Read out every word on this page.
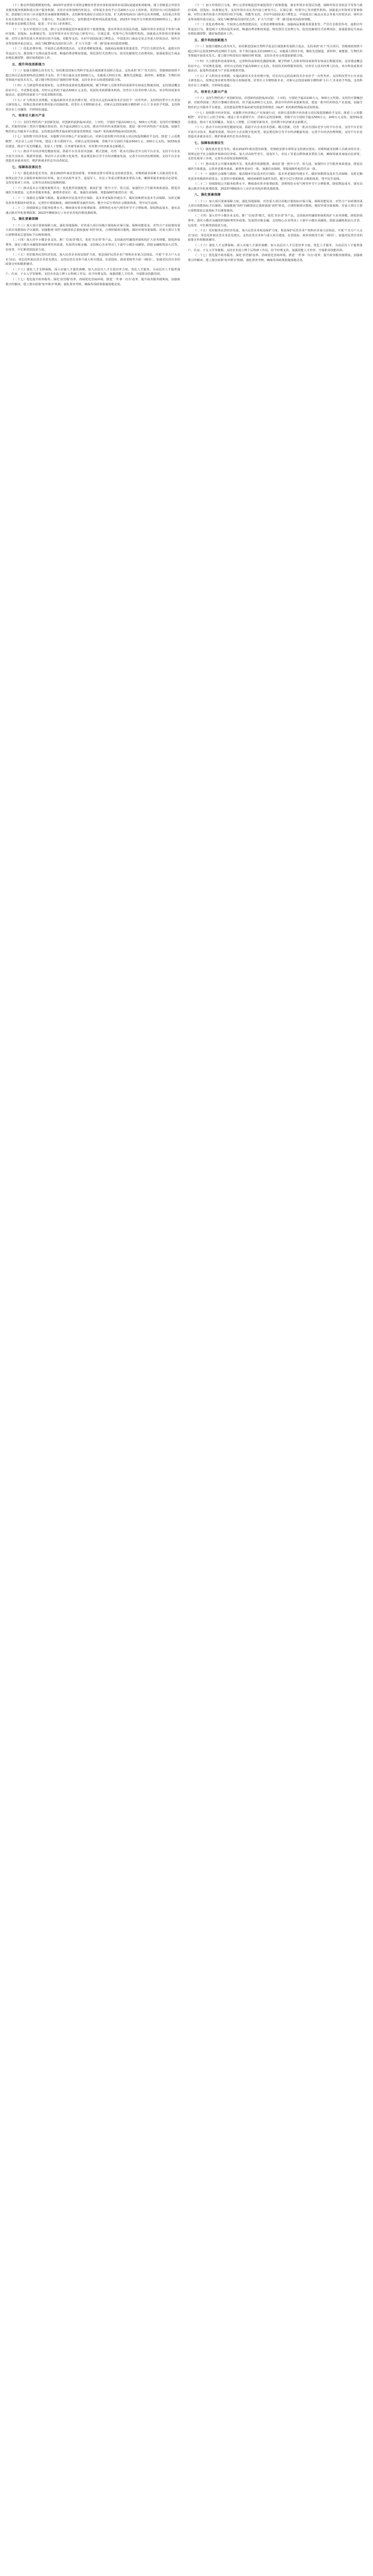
（十）推动外贸稳规模优结构。2023年安排省专项资金聚焦外贸省内各机场加快布局国际通道或机场航线。建立省级重点外贸企业服务服务机制和重点客户服务机制。支持企业参加境内外展会，对参展企业给予公司200万元以上的补助。发挥好出口信用保险作用，鼓励银行对出口企业提供更多融资便利服务。支持跨境电商综合试验区发展，扩大跨境电商出口海外仓业务规模。支持重点外贸企业在海外设立展示中心、分拨中心、售后服务中心。加快推进中欧班列高质量发展，2023年争取开行中欧班列1000列以上。推动外贸新业态新模式发展，促进二手车出口业务增长。

（十一）加大外资招引力度。修订完善省级促进外商投资若干政策措施，落实外资企业国民待遇，保障外资企业依法平等参与政府采购、招投标、标准制定等。支持外资企业在省内设立研发中心、区域总部、结算中心等功能性机构。加强重点外资项目要素保障，对符合条件的重大外资项目给予用地、用能等支持。办好中国国际进口博览会、中国进出口商品交易会等重大经贸活动，组织企业参加境外重点展会。深化与RCEP成员国经贸合作，扩大与共建'一带一路'国家双向投资规模。

（十二）优化消费环境。开展放心消费创建活动，完善消费维权体系。加强商品和服务质量监管，严厉打击假冒伪劣、虚假宣传等违法行为。推进线下无理由退货承诺，畅通消费者维权渠道。规范预付式消费行为，防范化解预付式消费风险。加强重要民生商品价格监测预警，做好保供稳价工作。

五、提升科技创新能力

（十三）加强关键核心技术攻关。协同推进国家自然科学基金区域创新发展联合基金，支持承担'双十'攻关项目，省级财政按照不超过项目总投资30%的比例给予支持，单个项目最高支持1000万元。实施重大科技专项，聚焦先进制造、新材料、新能源、生物医药等领域开展技术攻关。建立健全科技项目'揭榜挂帅'机制，支持企业牵头组建创新联合体。

（十四）大力推进科技成果转化。完善科技成果转化激励机制，赋予科研人员职务科技成果所有权或长期使用权。支持建设概念验证中心、中试熟化基地，对经认定的给予最高500万元支持。发展技术转移服务机构，培育壮大技术经理人队伍。举办科技成果对接活动，促进科技成果与产业需求精准对接。

（十五）扩大科技企业规模。实施高新技术企业倍增计划，对首次认定的高新技术企业给予一次性奖补。支持科技型中小企业加大研发投入，按规定落实研发费用加计扣除政策。培育壮大专精特新企业，对新认定的国家级专精特新'小巨人'企业给予奖励。支持科技企业上市融资，开辟绿色通道。

六、培育壮大新兴产业

（十六）支持生物医药产业创新发展。对创新药获批临床试验、上市的，分别给予最高100万元、500万元奖励。支持医疗器械创新，对取得国家三类医疗器械注册证的，给予最高200万元支持。推动中医药传承创新发展，建设一批中医药特色产业基地。加强生物医药公共服务平台建设，支持建设药物非临床研究质量管理规范（GLP）机构和药物临床试验机构。

（十七）加快数字经济发展。实施数字经济核心产业加速行动，对新引进的数字经济重大项目按投资额给予支持。推进'上云用数赋智'，对企业上云给予补贴。建设工业互联网平台，对新认定的国家级、省级平台分别给予最高500万元、200万元支持。加快5G基站建设，推动千兆光网覆盖。发展人工智能、区块链等新技术，培育数字经济新业态新模式。

（十八）推动平台经济规范健康发展。鼓励平台企业技术创新、模式创新，培育一批具有国际竞争力的平台企业。支持平台企业开放共享技术、数据等资源，带动中小企业数字化转型。依法规范和引导平台经济健康发展，完善平台经济治理规则。支持平台企业创造更多就业岗位，维护新就业形态劳动者权益。

七、保障和改善民生

（十九）强化就业优先导向。落实2023年就业创业政策，省财政安排专项资金支持就业创业。对吸纳就业困难人员就业的企业，按规定给予社会保险补贴和岗位补贴。加大对高校毕业生、退役军人、农民工等重点群体就业帮扶力度，确保零就业家庭动态清零。支持发展零工市场，完善劳动者权益保障机制。

（二十）推动基本公共服务便利共享。优化教育资源配置，新改扩建一批中小学、幼儿园。加强医疗卫生服务体系建设，推进县域医共体建设。完善养老服务体系，新增养老床位一批。加强住房保障，筹集保障性租赁住房一批。

（二十一）加强社会保障与救助。提高城乡居民基本医疗保险、基本养老保险待遇水平。做好困难群众基本生活保障，及时足额发放各类救助补助资金。完善医疗救助制度，减轻困难群众就医负担。健全分层分类的社会救助体系，兜牢民生底线。

（二十二）持续降低公共服务收费水平。继续落实涉企收费政策，清理规范水电气网等环节不合理收费。降低物流成本，落实高速公路差异化收费政策。2023年继续执行工业企业用电价格优惠政策。

八、强化要素保障

（二十三）加大项目要素保障力度。强化用地保障，对省重大项目用地计划指标应保尽保。保障用能需求，对符合产业政策的重大项目用能指标予以倾斜。加强能耗'双控'向碳排放总量和强度'双控'转变，合理控制项目能耗。做好环境容量保障，对重大项目主要污染物排放总量指标予以统筹调剂。

（二十四）加大对中小微企业支持。推广'信易贷'模式，优化'苏企贷'等产品。支持政府性融资担保机构扩大业务规模，降低担保费率。落实小微企业融资担保降费奖补政策。发展供应链金融，支持核心企业带动上下游中小微企业融资。鼓励金融机构加大首贷、信用贷、中长期贷款投放力度。

（二十五）更好服务民营经济发展。加大民营企业权益保护力度，依法保护民营企业产权和企业家合法权益。开展'千企万户大走访'活动，常态化听取民营企业意见建议。支持民营企业参与重大项目建设，在招投标、政府采购等方面一视同仁。加强对民营企业的政策宣传和精准辅导。

（二十六）强化人才支撑保障。深入实施人才强省战略，加大高层次人才引进培养力度。优化人才服务，为高层次人才提供落户、住房、子女入学等便利。支持企业设立博士后科研工作站，给予经费支持。加强技能人才培养，开展职业技能培训。

（二十七）优化提升政务服务。深化'放管服'改革，持续优化营商环境。推进'一件事一次办'改革，提升政务服务便利度。加强政策宣传解读，建立惠企政策'免申即享'机制。强化督查考核，确保各项政策措施落地见效。

（十一）加大外资招引力度。修订完善省级促进外商投资若干政策措施，落实外资企业国民待遇，保障外资企业依法平等参与政府采购、招投标、标准制定等。支持外资企业在省内设立研发中心、区域总部、结算中心等功能性机构。加强重点外资项目要素保障，对符合条件的重大外资项目给予用地、用能等支持。办好中国国际进口博览会、中国进出口商品交易会等重大经贸活动，组织企业参加境外重点展会。深化与RCEP成员国经贸合作，扩大与共建'一带一路'国家双向投资规模。

（十二）优化消费环境。开展放心消费创建活动，完善消费维权体系。加强商品和服务质量监管，严厉打击假冒伪劣、虚假宣传等违法行为。推进线下无理由退货承诺，畅通消费者维权渠道。规范预付式消费行为，防范化解预付式消费风险。加强重要民生商品价格监测预警，做好保供稳价工作。

五、提升科技创新能力

（十三）加强关键核心技术攻关。协同推进国家自然科学基金区域创新发展联合基金，支持承担'双十'攻关项目，省级财政按照不超过项目总投资30%的比例给予支持，单个项目最高支持1000万元。实施重大科技专项，聚焦先进制造、新材料、新能源、生物医药等领域开展技术攻关。建立健全科技项目'揭榜挂帅'机制，支持企业牵头组建创新联合体。

（十四）大力推进科技成果转化。完善科技成果转化激励机制，赋予科研人员职务科技成果所有权或长期使用权。支持建设概念验证中心、中试熟化基地，对经认定的给予最高500万元支持。发展技术转移服务机构，培育壮大技术经理人队伍。举办科技成果对接活动，促进科技成果与产业需求精准对接。

（十五）扩大科技企业规模。实施高新技术企业倍增计划，对首次认定的高新技术企业给予一次性奖补。支持科技型中小企业加大研发投入，按规定落实研发费用加计扣除政策。培育壮大专精特新企业，对新认定的国家级专精特新'小巨人'企业给予奖励。支持科技企业上市融资，开辟绿色通道。

六、培育壮大新兴产业

（十六）支持生物医药产业创新发展。对创新药获批临床试验、上市的，分别给予最高100万元、500万元奖励。支持医疗器械创新，对取得国家三类医疗器械注册证的，给予最高200万元支持。推动中医药传承创新发展，建设一批中医药特色产业基地。加强生物医药公共服务平台建设，支持建设药物非临床研究质量管理规范（GLP）机构和药物临床试验机构。

（十七）加快数字经济发展。实施数字经济核心产业加速行动，对新引进的数字经济重大项目按投资额给予支持。推进'上云用数赋智'，对企业上云给予补贴。建设工业互联网平台，对新认定的国家级、省级平台分别给予最高500万元、200万元支持。加快5G基站建设，推动千兆光网覆盖。发展人工智能、区块链等新技术，培育数字经济新业态新模式。

（十八）推动平台经济规范健康发展。鼓励平台企业技术创新、模式创新，培育一批具有国际竞争力的平台企业。支持平台企业开放共享技术、数据等资源，带动中小企业数字化转型。依法规范和引导平台经济健康发展，完善平台经济治理规则。支持平台企业创造更多就业岗位，维护新就业形态劳动者权益。

七、保障和改善民生

（十九）强化就业优先导向。落实2023年就业创业政策，省财政安排专项资金支持就业创业。对吸纳就业困难人员就业的企业，按规定给予社会保险补贴和岗位补贴。加大对高校毕业生、退役军人、农民工等重点群体就业帮扶力度，确保零就业家庭动态清零。支持发展零工市场，完善劳动者权益保障机制。

（二十）推动基本公共服务便利共享。优化教育资源配置，新改扩建一批中小学、幼儿园。加强医疗卫生服务体系建设，推进县域医共体建设。完善养老服务体系，新增养老床位一批。加强住房保障，筹集保障性租赁住房一批。

（二十一）加强社会保障与救助。提高城乡居民基本医疗保险、基本养老保险待遇水平。做好困难群众基本生活保障，及时足额发放各类救助补助资金。完善医疗救助制度，减轻困难群众就医负担。健全分层分类的社会救助体系，兜牢民生底线。

（二十二）持续降低公共服务收费水平。继续落实涉企收费政策，清理规范水电气网等环节不合理收费。降低物流成本，落实高速公路差异化收费政策。2023年继续执行工业企业用电价格优惠政策。

八、强化要素保障

（二十三）加大项目要素保障力度。强化用地保障，对省重大项目用地计划指标应保尽保。保障用能需求，对符合产业政策的重大项目用能指标予以倾斜。加强能耗'双控'向碳排放总量和强度'双控'转变，合理控制项目能耗。做好环境容量保障，对重大项目主要污染物排放总量指标予以统筹调剂。

（二十四）加大对中小微企业支持。推广'信易贷'模式，优化'苏企贷'等产品。支持政府性融资担保机构扩大业务规模，降低担保费率。落实小微企业融资担保降费奖补政策。发展供应链金融，支持核心企业带动上下游中小微企业融资。鼓励金融机构加大首贷、信用贷、中长期贷款投放力度。

（二十五）更好服务民营经济发展。加大民营企业权益保护力度，依法保护民营企业产权和企业家合法权益。开展'千企万户大走访'活动，常态化听取民营企业意见建议。支持民营企业参与重大项目建设，在招投标、政府采购等方面一视同仁。加强对民营企业的政策宣传和精准辅导。

（二十六）强化人才支撑保障。深入实施人才强省战略，加大高层次人才引进培养力度。优化人才服务，为高层次人才提供落户、住房、子女入学等便利。支持企业设立博士后科研工作站，给予经费支持。加强技能人才培养，开展职业技能培训。

（二十七）优化提升政务服务。深化'放管服'改革，持续优化营商环境。推进'一件事一次办'改革，提升政务服务便利度。加强政策宣传解读，建立惠企政策'免申即享'机制。强化督查考核，确保各项政策措施落地见效。
